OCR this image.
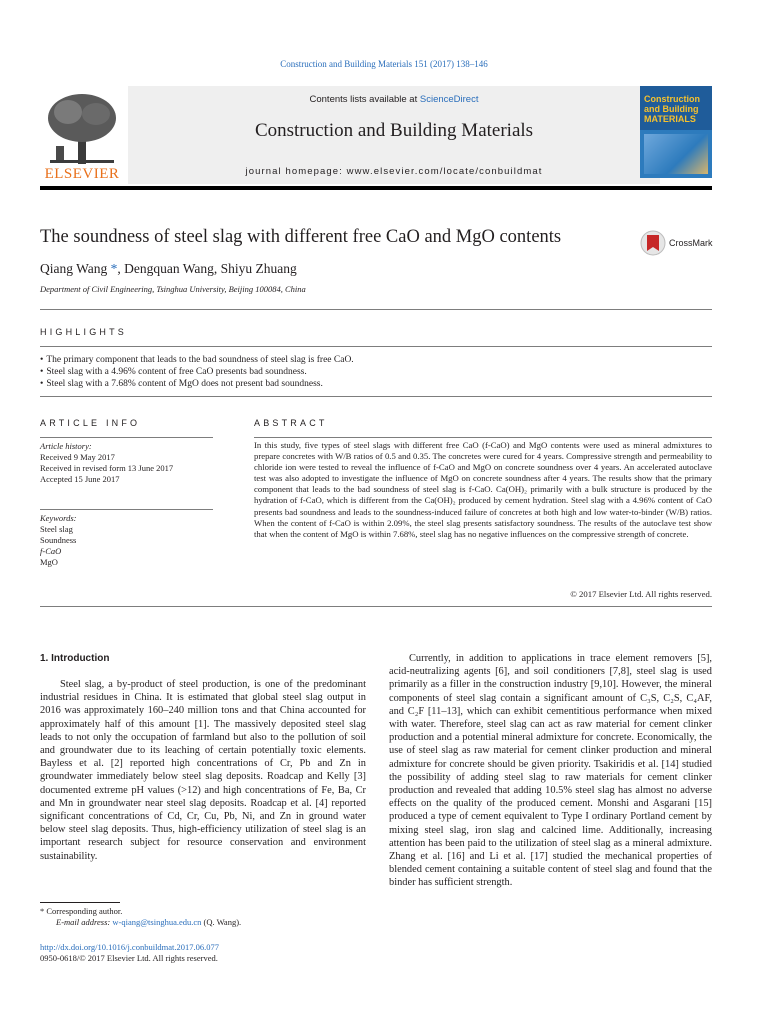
Construction and Building Materials 151 (2017) 138–146
ELSEVIER
Contents lists available at ScienceDirect
Construction and Building Materials
journal homepage: www.elsevier.com/locate/conbuildmat
Construction
and Building
MATERIALS
The soundness of steel slag with different free CaO and MgO contents	CrossMark
Qiang Wang *, Dengquan Wang, Shiyu Zhuang
Department of Civil Engineering, Tsinghua University, Beijing 100084, China
HIGHLIGHTS
• The primary component that leads to the bad soundness of steel slag is free CaO.
• Steel slag with a 4.96% content of free CaO presents bad soundness.
• Steel slag with a 7.68% content of MgO does not present bad soundness.
ARTICLE INFO	ABSTRACT
Article history:
Received 9 May 2017
Received in revised form 13 June 2017
Accepted 15 June 2017
Keywords:
Steel slag
Soundness
f-CaO
MgO
In this study, five types of steel slags with different free CaO (f-CaO) and MgO contents were used as mineral admixtures to prepare concretes with W/B ratios of 0.5 and 0.35. The concretes were cured for 4 years. Compressive strength and permeability to chloride ion were tested to reveal the influence of f-CaO and MgO on concrete soundness over 4 years. An accelerated autoclave test was also adopted to investigate the influence of MgO on concrete soundness after 4 years. The results show that the primary component that leads to the bad soundness of steel slag is f-CaO. Ca(OH)₂ primarily with a bulk structure is produced by the hydration of f-CaO, which is different from the Ca(OH)₂ produced by cement hydration. Steel slag with a 4.96% content of CaO presents bad soundness and leads to the soundness-induced failure of concretes at both high and low water-to-binder (W/B) ratios. When the content of f-CaO is within 2.09%, the steel slag presents satisfactory soundness. The results of the autoclave test show that when the content of MgO is within 7.68%, steel slag has no negative influences on the compressive strength of concrete.
© 2017 Elsevier Ltd. All rights reserved.
1. Introduction
Steel slag, a by-product of steel production, is one of the predominant industrial residues in China. It is estimated that global steel slag output in 2016 was approximately 160–240 million tons and that China accounted for approximately half of this amount [1]. The massively deposited steel slag leads to not only the occupation of farmland but also to the pollution of soil and groundwater due to its leaching of certain potentially toxic elements. Bayless et al. [2] reported high concentrations of Cr, Pb and Zn in groundwater immediately below steel slag deposits. Roadcap and Kelly [3] documented extreme pH values (>12) and high concentrations of Fe, Ba, Cr and Mn in groundwater near steel slag deposits. Roadcap et al. [4] reported significant concentrations of Cd, Cr, Cu, Pb, Ni, and Zn in ground water below steel slag deposits. Thus, high-efficiency utilization of steel slag is an important research subject for resource conservation and environment sustainability.
Currently, in addition to applications in trace element removers [5], acid-neutralizing agents [6], and soil conditioners [7,8], steel slag is used primarily as a filler in the construction industry [9,10]. However, the mineral components of steel slag contain a significant amount of C₃S, C₂S, C₄AF, and C₂F [11–13], which can exhibit cementitious performance when mixed with water. Therefore, steel slag can act as raw material for cement clinker production and a potential mineral admixture for concrete. Economically, the use of steel slag as raw material for cement clinker production and mineral admixture for concrete should be given priority. Tsakiridis et al. [14] studied the possibility of adding steel slag to raw materials for cement clinker production and revealed that adding 10.5% steel slag has almost no adverse effects on the quality of the produced cement. Monshi and Asgarani [15] produced a type of cement equivalent to Type I ordinary Portland cement by mixing steel slag, iron slag and calcined lime. Additionally, increasing attention has been paid to the utilization of steel slag as a mineral admixture. Zhang et al. [16] and Li et al. [17] studied the mechanical properties of blended cement containing a suitable content of steel slag and found that the binder has sufficient strength.
* Corresponding author.
E-mail address: w-qiang@tsinghua.edu.cn (Q. Wang).
http://dx.doi.org/10.1016/j.conbuildmat.2017.06.077
0950-0618/© 2017 Elsevier Ltd. All rights reserved.
